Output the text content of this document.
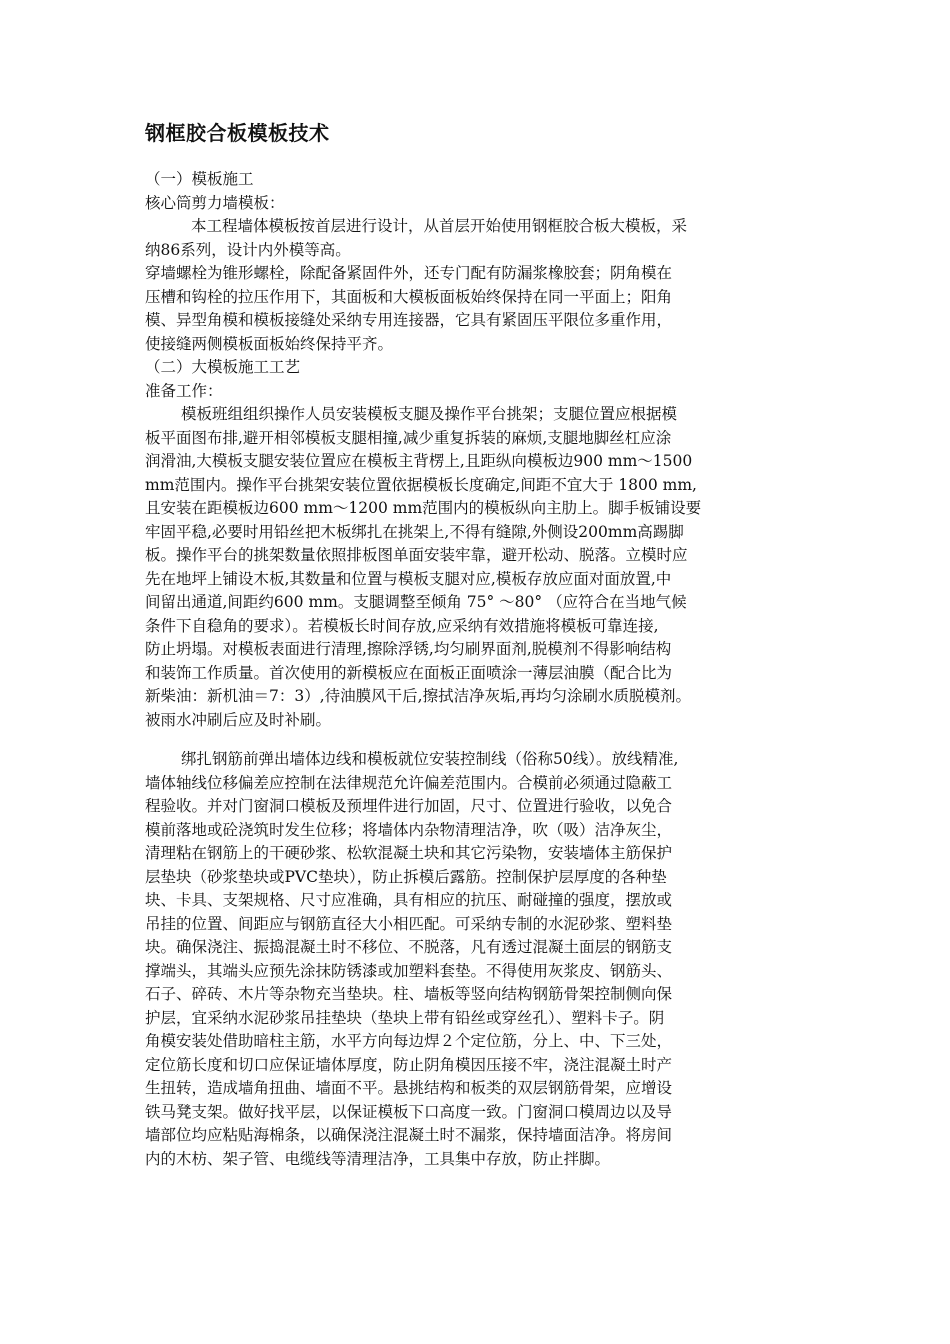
钢框胶合板模板技术
（一）模板施工
核心筒剪力墙模板：
本工程墙体模板按首层进行设计，从首层开始使用钢框胶合板大模板，采
纳86系列，设计内外模等高。
穿墙螺栓为锥形螺栓，除配备紧固件外，还专门配有防漏浆橡胶套；阴角模在
压槽和钩栓的拉压作用下，其面板和大模板面板始终保持在同一平面上；阳角
模、异型角模和模板接缝处采纳专用连接器，它具有紧固压平限位多重作用，
使接缝两侧模板面板始终保持平齐。
（二）大模板施工工艺
准备工作：
模板班组组织操作人员安装模板支腿及操作平台挑架；支腿位置应根据模
板平面图布排,避开相邻模板支腿相撞,减少重复拆装的麻烦,支腿地脚丝杠应涂
润滑油,大模板支腿安装位置应在模板主背楞上,且距纵向模板边900 mm～1500
mm范围内。操作平台挑架安装位置依据模板长度确定,间距不宜大于 1800 mm,
且安装在距模板边600 mm～1200 mm范围内的模板纵向主肋上。脚手板铺设要
牢固平稳,必要时用铅丝把木板绑扎在挑架上,不得有缝隙,外侧设200mm高踢脚
板。操作平台的挑架数量依照排板图单面安装牢靠，避开松动、脱落。立模时应
先在地坪上铺设木板,其数量和位置与模板支腿对应,模板存放应面对面放置,中
间留出通道,间距约600 mm。支腿调整至倾角 75° ～80° （应符合在当地气候
条件下自稳角的要求）。若模板长时间存放,应采纳有效措施将模板可靠连接,
防止坍塌。对模板表面进行清理,擦除浮锈,均匀刷界面剂,脱模剂不得影响结构
和装饰工作质量。首次使用的新模板应在面板正面喷涂一薄层油膜（配合比为
新柴油：新机油＝7：3）,待油膜风干后,擦拭洁净灰垢,再均匀涂刷水质脱模剂。
被雨水冲刷后应及时补刷。
绑扎钢筋前弹出墙体边线和模板就位安装控制线（俗称50线）。放线精准,
墙体轴线位移偏差应控制在法律规范允许偏差范围内。合模前必须通过隐蔽工
程验收。并对门窗洞口模板及预埋件进行加固，尺寸、位置进行验收，以免合
模前落地或砼浇筑时发生位移；将墙体内杂物清理洁净，吹（吸）洁净灰尘，
清理粘在钢筋上的干硬砂浆、松软混凝土块和其它污染物，安装墙体主筋保护
层垫块（砂浆垫块或PVC垫块），防止拆模后露筋。控制保护层厚度的各种垫
块、卡具、支架规格、尺寸应准确，具有相应的抗压、耐碰撞的强度，摆放或
吊挂的位置、间距应与钢筋直径大小相匹配。可采纳专制的水泥砂浆、塑料垫
块。确保浇注、振捣混凝土时不移位、不脱落，凡有透过混凝土面层的钢筋支
撑端头，其端头应预先涂抹防锈漆或加塑料套垫。不得使用灰浆皮、钢筋头、
石子、碎砖、木片等杂物充当垫块。柱、墙板等竖向结构钢筋骨架控制侧向保
护层，宜采纳水泥砂浆吊挂垫块（垫块上带有铅丝或穿丝孔）、塑料卡子。阴
角模安装处借助暗柱主筋，水平方向每边焊２个定位筋，分上、中、下三处，
定位筋长度和切口应保证墙体厚度，防止阴角模因压接不牢，浇注混凝土时产
生扭转，造成墙角扭曲、墙面不平。悬挑结构和板类的双层钢筋骨架，应增设
铁马凳支架。做好找平层，以保证模板下口高度一致。门窗洞口模周边以及导
墙部位均应粘贴海棉条，以确保浇注混凝土时不漏浆，保持墙面洁净。将房间
内的木枋、架子管、电缆线等清理洁净，工具集中存放，防止拌脚。
